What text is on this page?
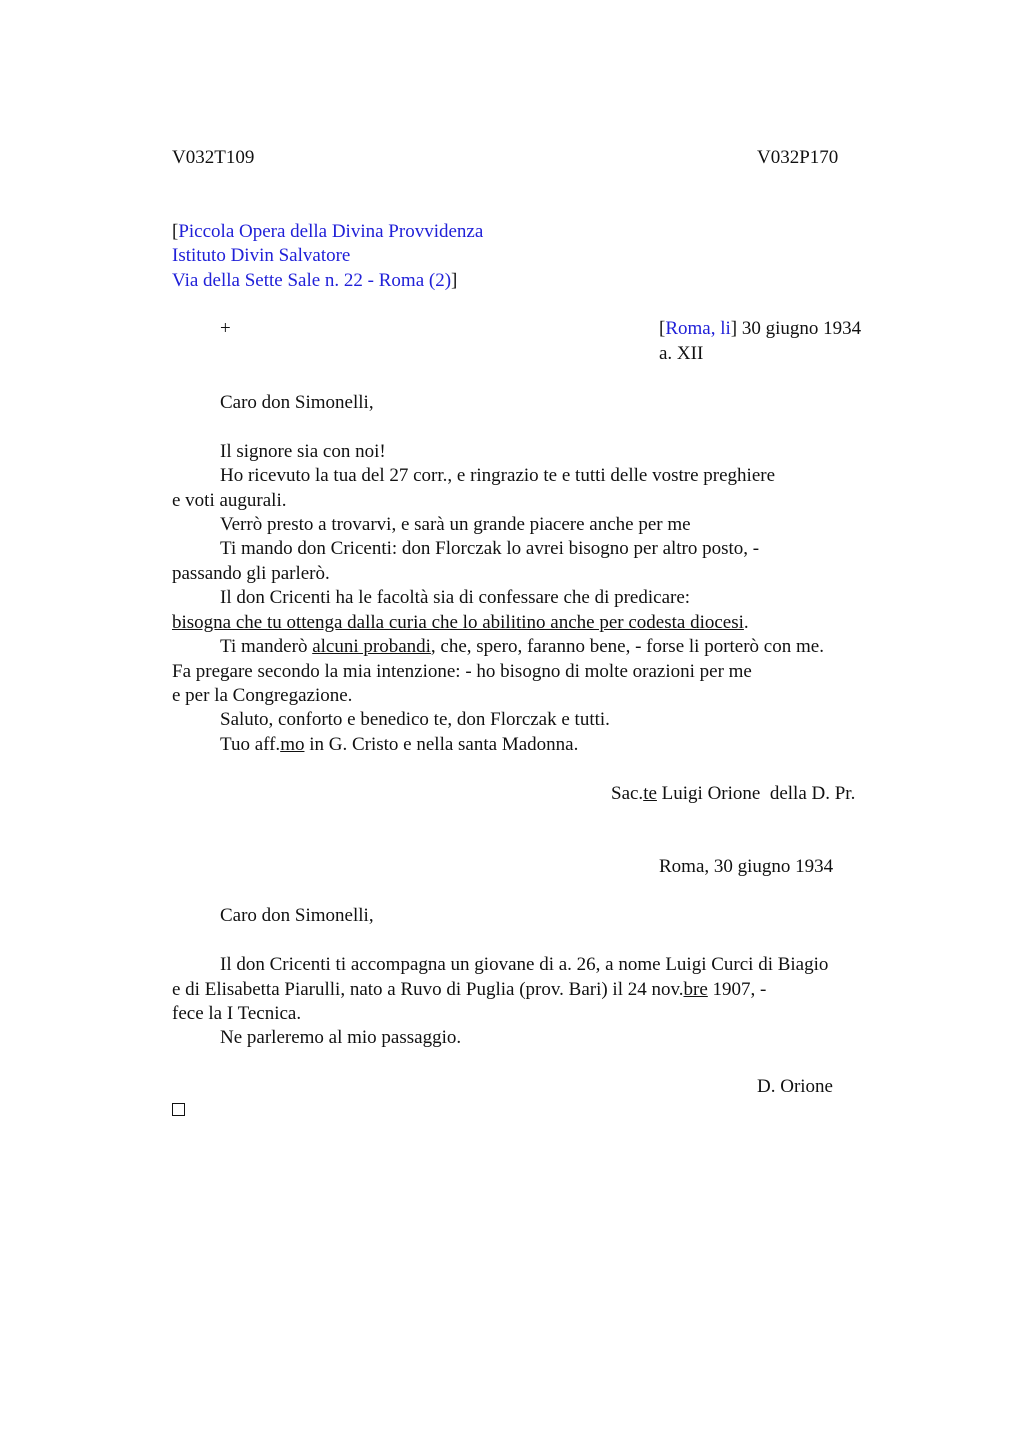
V032T109	V032P170
[Piccola Opera della Divina Provvidenza
Istituto Divin Salvatore
Via della Sette Sale n. 22 - Roma (2)]
+	[Roma, li] 30 giugno 1934
a. XII
Caro don Simonelli,
Il signore sia con noi!
Ho ricevuto la tua del 27 corr., e ringrazio te e tutti delle vostre preghiere
e voti augurali.
Verrò presto a trovarvi, e sarà un grande piacere anche per me
Ti mando don Cricenti: don Florczak lo avrei bisogno per altro posto, -
passando gli parlerò.
Il don Cricenti ha le facoltà sia di confessare che di predicare:
bisogna che tu ottenga dalla curia che lo abilitino anche per codesta diocesi.
Ti manderò alcuni probandi, che, spero, faranno bene, - forse li porterò con me.
Fa pregare secondo la mia intenzione: - ho bisogno di molte orazioni per me
e per la Congregazione.
Saluto, conforto e benedico te, don Florczak e tutti.
Tuo aff.mo in G. Cristo e nella santa Madonna.
Sac.te Luigi Orione  della D. Pr.
Roma, 30 giugno 1934
Caro don Simonelli,
Il don Cricenti ti accompagna un giovane di a. 26, a nome Luigi Curci di Biagio
e di Elisabetta Piarulli, nato a Ruvo di Puglia (prov. Bari) il 24 nov.bre 1907, -
fece la I Tecnica.
Ne parleremo al mio passaggio.
D. Orione
